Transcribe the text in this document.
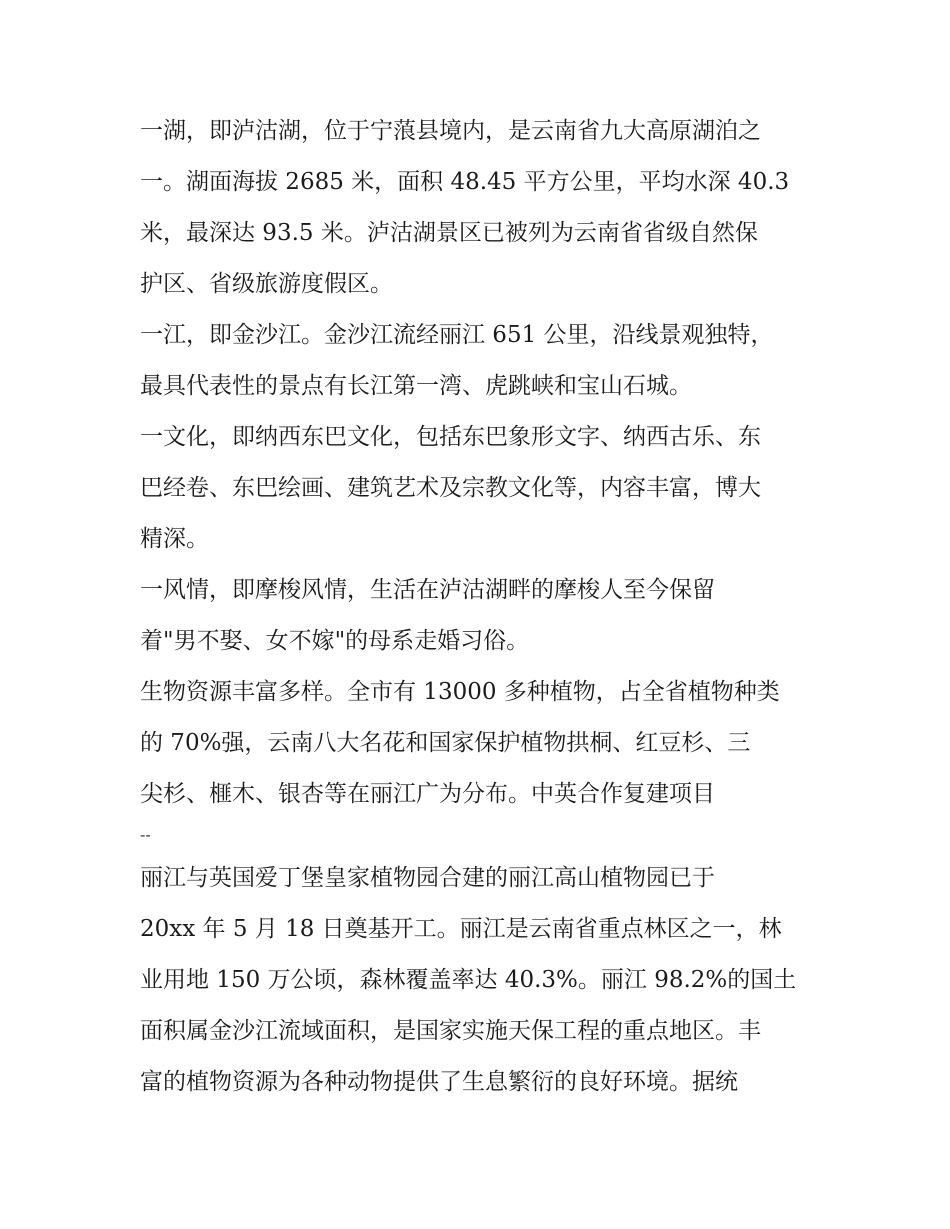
一湖，即泸沽湖，位于宁蒗县境内，是云南省九大高原湖泊之
一。湖面海拔 2685 米，面积 48.45 平方公里，平均水深 40.3
米，最深达 93.5 米。泸沽湖景区已被列为云南省省级自然保
护区、省级旅游度假区。
一江，即金沙江。金沙江流经丽江 651 公里，沿线景观独特，
最具代表性的景点有长江第一湾、虎跳峡和宝山石城。
一文化，即纳西东巴文化，包括东巴象形文字、纳西古乐、东
巴经卷、东巴绘画、建筑艺术及宗教文化等，内容丰富，博大
精深。
一风情，即摩梭风情，生活在泸沽湖畔的摩梭人至今保留
着"男不娶、女不嫁"的母系走婚习俗。
生物资源丰富多样。全市有 13000 多种植物，占全省植物种类
的 70%强，云南八大名花和国家保护植物拱桐、红豆杉、三
尖杉、榧木、银杏等在丽江广为分布。中英合作复建项目
--
丽江与英国爱丁堡皇家植物园合建的丽江高山植物园已于
20xx 年 5 月 18 日奠基开工。丽江是云南省重点林区之一，林
业用地 150 万公顷，森林覆盖率达 40.3%。丽江 98.2%的国土
面积属金沙江流域面积，是国家实施天保工程的重点地区。丰
富的植物资源为各种动物提供了生息繁衍的良好环境。据统
